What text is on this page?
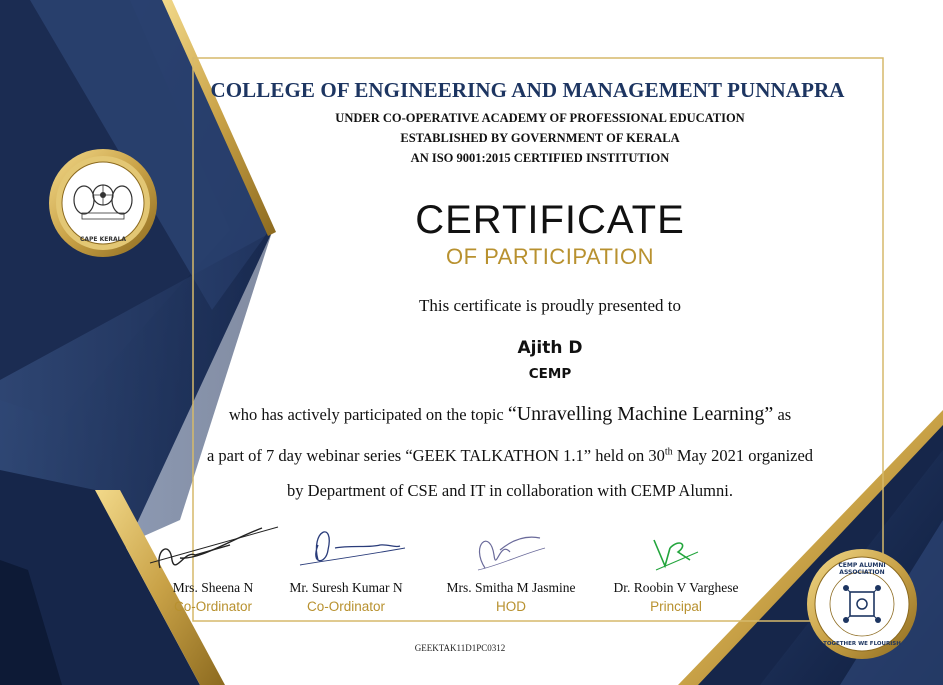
CAPE KERALA
CEMP ALUMNI ASSOCIATION
TOGETHER WE FLOURISH
COLLEGE OF ENGINEERING AND MANAGEMENT PUNNAPRA
UNDER CO-OPERATIVE ACADEMY OF PROFESSIONAL EDUCATION
ESTABLISHED BY GOVERNMENT OF KERALA
AN ISO 9001:2015 CERTIFIED INSTITUTION
CERTIFICATE
OF PARTICIPATION
This certificate is proudly presented to
Ajith D
CEMP
who has actively participated on the topic “Unravelling Machine Learning” as
a part of 7 day webinar series “GEEK TALKATHON 1.1” held on 30th May 2021 organized
by Department of CSE and IT in collaboration with CEMP Alumni.
Mrs. Sheena N
Co-Ordinator
Mr. Suresh Kumar N
Co-Ordinator
Mrs. Smitha M Jasmine
HOD
Dr. Roobin V Varghese
Principal
GEEKTAK11D1PC0312
